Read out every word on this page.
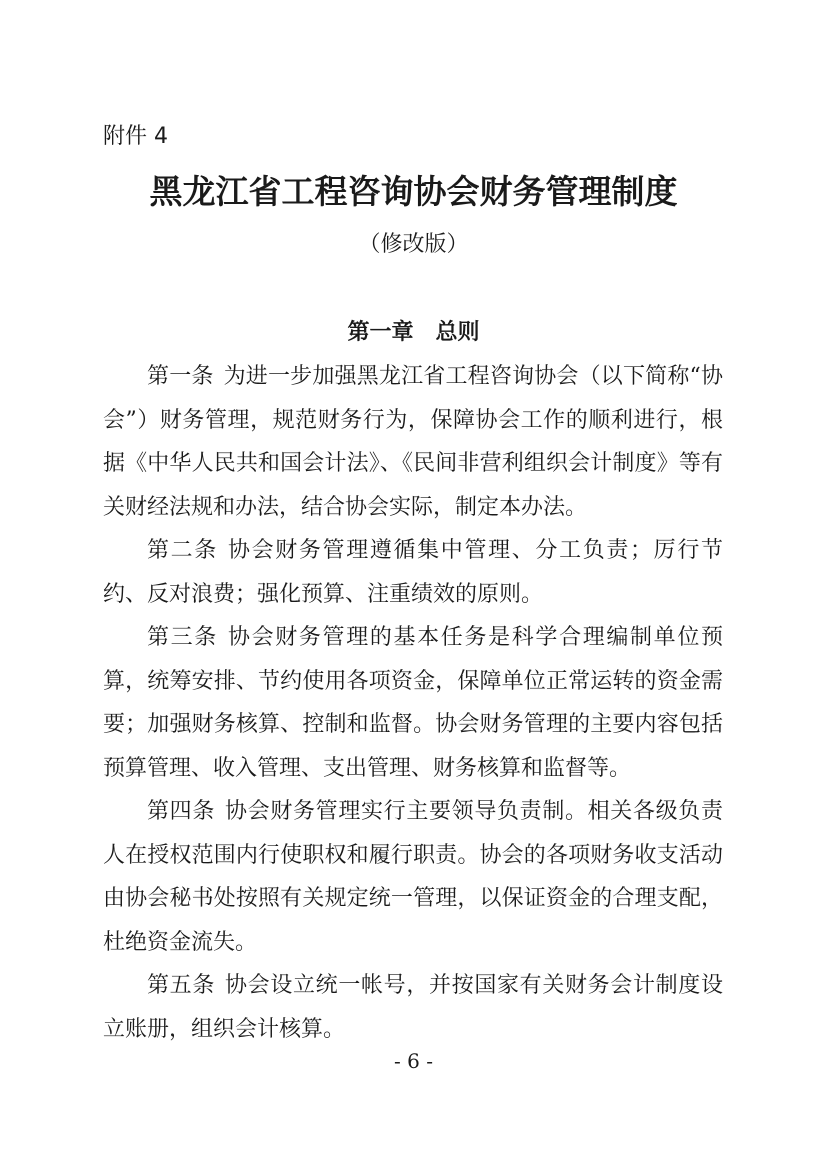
附件 4
黑龙江省工程咨询协会财务管理制度
（修改版）
第一章 总则

第一条 为进一步加强黑龙江省工程咨询协会（以下简称“协会”）财务管理，规范财务行为，保障协会工作的顺利进行，根据《中华人民共和国会计法》、《民间非营利组织会计制度》等有关财经法规和办法，结合协会实际，制定本办法。

第二条 协会财务管理遵循集中管理、分工负责；厉行节约、反对浪费；强化预算、注重绩效的原则。

第三条 协会财务管理的基本任务是科学合理编制单位预算，统筹安排、节约使用各项资金，保障单位正常运转的资金需要；加强财务核算、控制和监督。协会财务管理的主要内容包括预算管理、收入管理、支出管理、财务核算和监督等。

第四条 协会财务管理实行主要领导负责制。相关各级负责人在授权范围内行使职权和履行职责。协会的各项财务收支活动由协会秘书处按照有关规定统一管理，以保证资金的合理支配，杜绝资金流失。

第五条 协会设立统一帐号，并按国家有关财务会计制度设立账册，组织会计核算。

- 6 -
